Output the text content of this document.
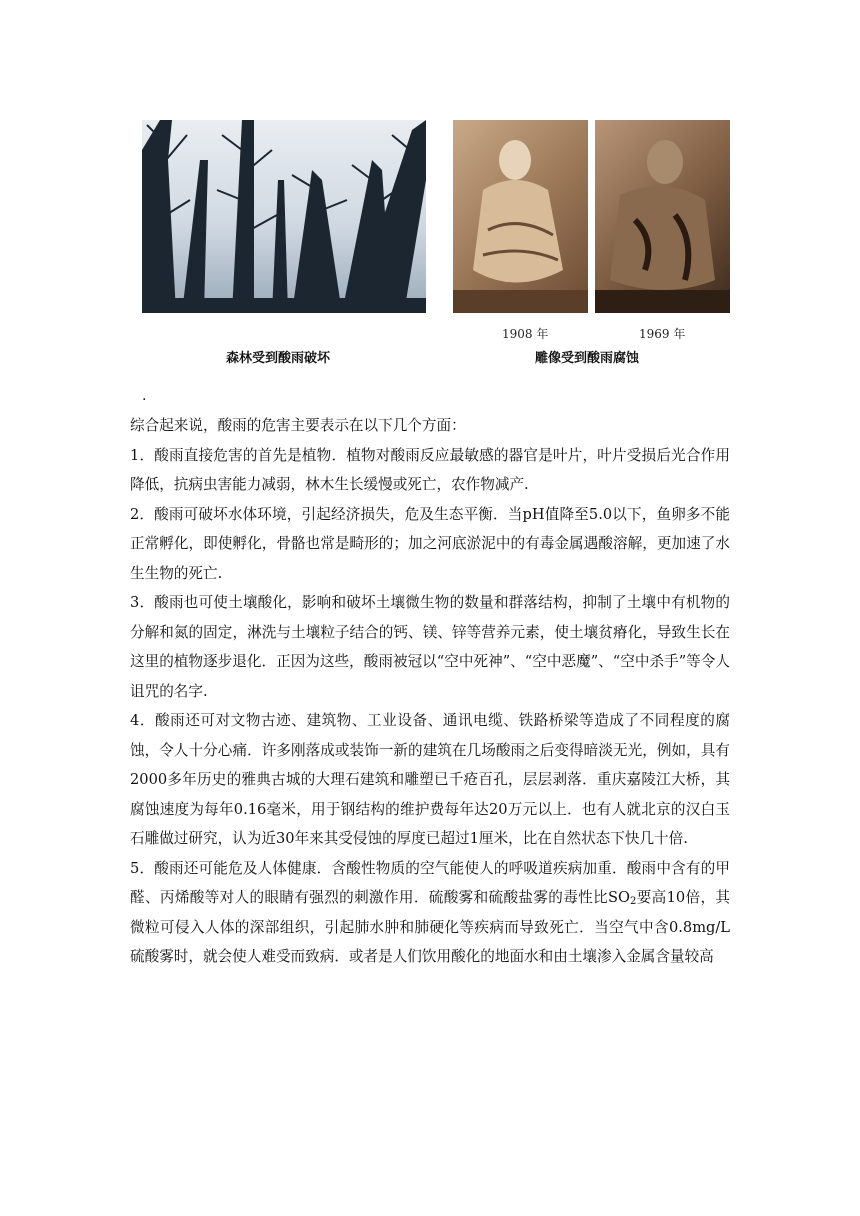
1908 年	1969 年
森林受到酸雨破坏	雕像受到酸雨腐蚀
.

综合起来说，酸雨的危害主要表示在以下几个方面：

1．酸雨直接危害的首先是植物．植物对酸雨反应最敏感的器官是叶片，叶片受损后光合作用降低，抗病虫害能力减弱，林木生长缓慢或死亡，农作物减产.

2．酸雨可破坏水体环境，引起经济损失，危及生态平衡．当pH值降至5.0以下，鱼卵多不能正常孵化，即使孵化，骨骼也常是畸形的；加之河底淤泥中的有毒金属遇酸溶解，更加速了水生生物的死亡.

3．酸雨也可使土壤酸化，影响和破坏土壤微生物的数量和群落结构，抑制了土壤中有机物的分解和氮的固定，淋洗与土壤粒子结合的钙、镁、锌等营养元素，使土壤贫瘠化，导致生长在这里的植物逐步退化．正因为这些，酸雨被冠以“空中死神”、“空中恶魔”、“空中杀手”等令人诅咒的名字.

4．酸雨还可对文物古迹、建筑物、工业设备、通讯电缆、铁路桥梁等造成了不同程度的腐蚀，令人十分心痛．许多刚落成或装饰一新的建筑在几场酸雨之后变得暗淡无光，例如，具有2000多年历史的雅典古城的大理石建筑和雕塑已千疮百孔，层层剥落．重庆嘉陵江大桥，其腐蚀速度为每年0.16毫米，用于钢结构的维护费每年达20万元以上．也有人就北京的汉白玉石雕做过研究，认为近30年来其受侵蚀的厚度已超过1厘米，比在自然状态下快几十倍.

5．酸雨还可能危及人体健康．含酸性物质的空气能使人的呼吸道疾病加重．酸雨中含有的甲醛、丙烯酸等对人的眼睛有强烈的刺激作用．硫酸雾和硫酸盐雾的毒性比$SO_2$要高10倍，其微粒可侵入人体的深部组织，引起肺水肿和肺硬化等疾病而导致死亡．当空气中含0.8mg/L硫酸雾时，就会使人难受而致病．或者是人们饮用酸化的地面水和由土壤渗入金属含量较高
